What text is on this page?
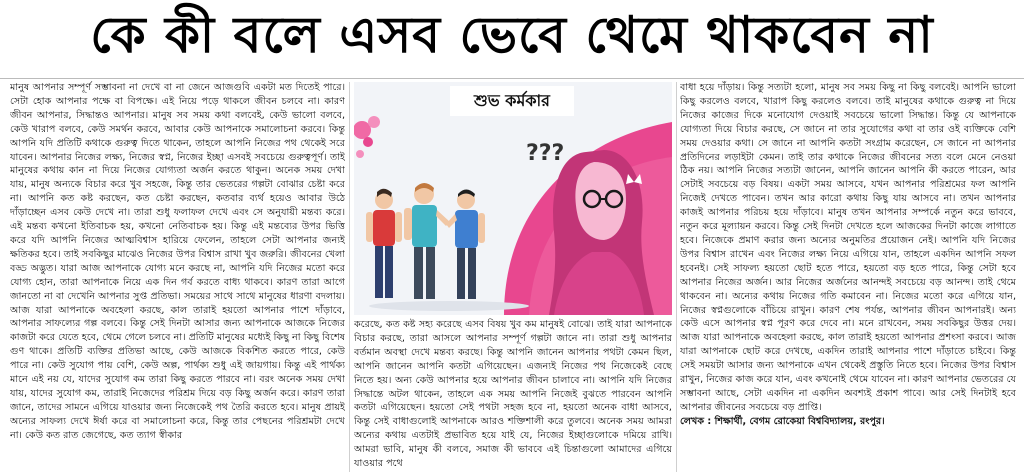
কে কী বলে এসব ভেবে থেমে থাকবেন না

মানুষ আপনার সম্পূর্ণ সম্ভাবনা না দেখে বা না জেনে আজগুবি একটা মত দিতেই পারে। সেটা হোক আপনার পক্ষে বা বিপক্ষে। এই নিয়ে পড়ে থাকলে জীবন চলবে না। কারণ জীবন আপনার, সিদ্ধান্তও আপনার। মানুষ সব সময় কথা বলবেই, কেউ ভালো বলবে, কেউ খারাপ বলবে, কেউ সমর্থন করবে, আবার কেউ আপনাকে সমালোচনা করবে। কিন্তু আপনি যদি প্রতিটি কথাকে গুরুত্ব দিতে থাকেন, তাহলে আপনি নিজের পথ থেকেই সরে যাবেন। আপনার নিজের লক্ষ্য, নিজের স্বপ্ন, নিজের ইচ্ছা এসবই সবচেয়ে গুরুত্বপূর্ণ। তাই মানুষের কথায় কান না দিয়ে নিজের যোগ্যতা অর্জন করতে থাকুন। অনেক সময় দেখা যায়, মানুষ অন্যকে বিচার করে খুব সহজে, কিন্তু তার ভেতরের গল্পটা বোঝার চেষ্টা করে না। আপনি কত কষ্ট করছেন, কত চেষ্টা করছেন, কতবার ব্যর্থ হয়েও আবার উঠে দাঁড়াচ্ছেন এসব কেউ দেখে না। তারা শুধু ফলাফল দেখে এবং সে অনুযায়ী মন্তব্য করে। এই মন্তব্য কখনো ইতিবাচক হয়, কখনো নেতিবাচক হয়। কিন্তু এই মন্তব্যের উপর ভিত্তি করে যদি আপনি নিজের আত্মবিশ্বাস হারিয়ে ফেলেন, তাহলে সেটা আপনার জন্যই ক্ষতিকর হবে। তাই সবকিছুর মাঝেও নিজের উপর বিশ্বাস রাখা খুব জরুরি। জীবনের খেলা বড্ড অদ্ভুত। যারা আজ আপনাকে যোগ্য মনে করছে না, আপনি যদি নিজের মতো করে যোগ্য হোন, তারা আপনাকে নিয়ে এক দিন গর্ব করতে বাধ্য থাকবে। কারণ তারা আগে জানতো না বা দেখেনি আপনার সুপ্ত প্রতিভা। সময়ের সাথে সাথে মানুষের ধারণা বদলায়। আজ যারা আপনাকে অবহেলা করছে, কাল তারাই হয়তো আপনার পাশে দাঁড়াবে, আপনার সাফল্যের গল্প বলবে। কিন্তু সেই দিনটা আসার জন্য আপনাকে আজকে নিজের কাজটা করে যেতে হবে, থেমে গেলে চলবে না। প্রতিটি মানুষের মধ্যেই কিছু না কিছু বিশেষ গুণ থাকে। প্রতিটি ব্যক্তির প্রতিভা আছে, কেউ আজকে বিকশিত করতে পারে, কেউ পারে না। কেউ সুযোগ পায় বেশি, কেউ অল্প, পার্থক্য শুধু এই জায়গায়। কিন্তু এই পার্থক্য মানে এই নয় যে, যাদের সুযোগ কম তারা কিছু করতে পারবে না। বরং অনেক সময় দেখা যায়, যাদের সুযোগ কম, তারাই নিজেদের পরিশ্রম দিয়ে বড় কিছু অর্জন করে। কারণ তারা জানে, তাদের সামনে এগিয়ে যাওয়ার জন্য নিজেকেই পথ তৈরি করতে হবে। মানুষ প্রায়ই অন্যের সাফল্য দেখে ঈর্ষা করে বা সমালোচনা করে, কিন্তু তার পেছনের পরিশ্রমটা দেখে না। কেউ কত রাত জেগেছে, কত ত্যাগ স্বীকার

???
শুভ কর্মকার

করেছে, কত কষ্ট সহ্য করেছে এসব বিষয় খুব কম মানুষই বোঝে। তাই যারা আপনাকে বিচার করছে, তারা আসলে আপনার সম্পূর্ণ গল্পটা জানে না। তারা শুধু আপনার বর্তমান অবস্থা দেখে মন্তব্য করছে। কিন্তু আপনি জানেন আপনার পথটা কেমন ছিল, আপনি জানেন আপনি কতটা এগিয়েছেন। এজন্যই নিজের পথ নিজেকেই বেছে নিতে হয়। অন্য কেউ আপনার হয়ে আপনার জীবন চালাবে না। আপনি যদি নিজের সিদ্ধান্তে অটল থাকেন, তাহলে এক সময় আপনি নিজেই বুঝতে পারবেন আপনি কতটা এগিয়েছেন। হয়তো সেই পথটা সহজ হবে না, হয়তো অনেক বাধা আসবে, কিন্তু সেই বাধাগুলোই আপনাকে আরও শক্তিশালী করে তুলবে। অনেক সময় আমরা অন্যের কথায় এতটাই প্রভাবিত হয়ে যাই যে, নিজের ইচ্ছাগুলোকে দমিয়ে রাখি। আমরা ভাবি, মানুষ কী বলবে, সমাজ কী ভাববে এই চিন্তাগুলো আমাদের এগিয়ে যাওয়ার পথে

বাধা হয়ে দাঁড়ায়। কিন্তু সত্যটা হলো, মানুষ সব সময় কিছু না কিছু বলবেই। আপনি ভালো কিছু করলেও বলবে, খারাপ কিছু করলেও বলবে। তাই মানুষের কথাকে গুরুত্ব না দিয়ে নিজের কাজের দিকে মনোযোগ দেওয়াই সবচেয়ে ভালো সিদ্ধান্ত। কিন্তু যে আপনাকে যোগ্যতা দিয়ে বিচার করছে, সে জানে না তার সুযোগের কথা বা তার ওই ব্যক্তিকে বেশি সময় দেওয়ার কথা। সে জানে না আপনি কতটা সংগ্রাম করেছেন, সে জানে না আপনার প্রতিদিনের লড়াইটা কেমন। তাই তার কথাকে নিজের জীবনের সত্য বলে মেনে নেওয়া ঠিক নয়। আপনি নিজের সত্যটা জানেন, আপনি জানেন আপনি কী করতে পারেন, আর সেটাই সবচেয়ে বড় বিষয়। একটা সময় আসবে, যখন আপনার পরিশ্রমের ফল আপনি নিজেই দেখতে পাবেন। তখন আর কারো কথায় কিছু যায় আসবে না। তখন আপনার কাজই আপনার পরিচয় হয়ে দাঁড়াবে। মানুষ তখন আপনার সম্পর্কে নতুন করে ভাববে, নতুন করে মূল্যায়ন করবে। কিন্তু সেই দিনটা দেখতে হলে আজকের দিনটা কাজে লাগাতে হবে। নিজেকে প্রমাণ করার জন্য অন্যের অনুমতির প্রয়োজন নেই। আপনি যদি নিজের উপর বিশ্বাস রাখেন এবং নিজের লক্ষ্য নিয়ে এগিয়ে যান, তাহলে একদিন আপনি সফল হবেনই। সেই সাফল্য হয়তো ছোট হতে পারে, হয়তো বড় হতে পারে, কিন্তু সেটা হবে আপনার নিজের অর্জন। আর নিজের অর্জনের আনন্দই সবচেয়ে বড় আনন্দ। তাই থেমে থাকবেন না। অন্যের কথায় নিজের গতি কমাবেন না। নিজের মতো করে এগিয়ে যান, নিজের স্বপ্নগুলোকে বাঁচিয়ে রাখুন। কারণ শেষ পর্যন্ত, আপনার জীবন আপনারই। অন্য কেউ এসে আপনার স্বপ্ন পূরণ করে দেবে না। মনে রাখবেন, সময় সবকিছুর উত্তর দেয়। আজ যারা আপনাকে অবহেলা করছে, কাল তারাই হয়তো আপনার প্রশংসা করবে। আজ যারা আপনাকে ছোট করে দেখছে, একদিন তারাই আপনার পাশে দাঁড়াতে চাইবে। কিন্তু সেই সময়টা আসার জন্য আপনাকে এখন থেকেই প্রস্তুতি নিতে হবে। নিজের উপর বিশ্বাস রাখুন, নিজের কাজ করে যান, এবং কখনোই থেমে যাবেন না। কারণ আপনার ভেতরের যে সম্ভাবনা আছে, সেটা একদিন না একদিন অবশ্যই প্রকাশ পাবে। আর সেই দিনটাই হবে আপনার জীবনের সবচেয়ে বড় প্রাপ্তি।

লেখক : শিক্ষার্থী, বেগম রোকেয়া বিশ্ববিদ্যালয়, রংপুর।
